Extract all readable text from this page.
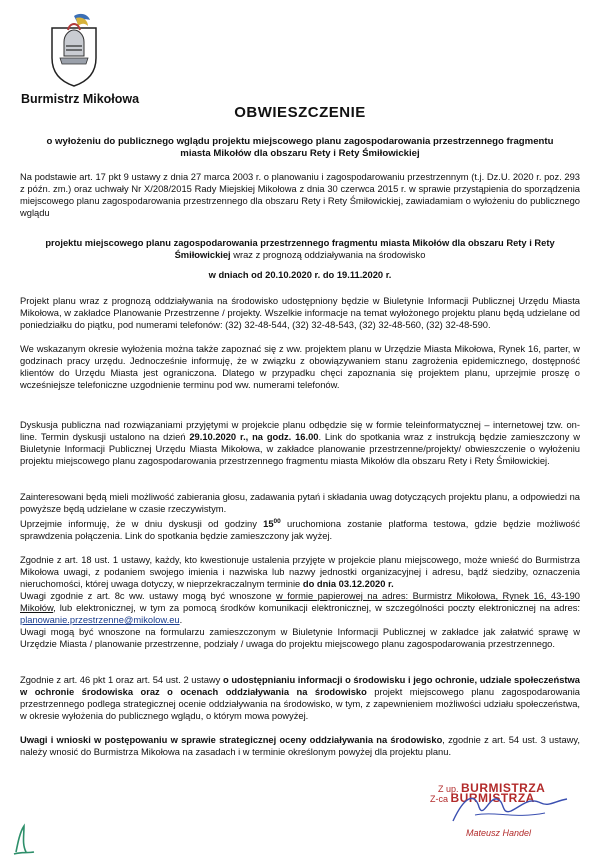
Burmistrz Mikołowa
OBWIESZCZENIE
o wyłożeniu do publicznego wglądu projektu miejscowego planu zagospodarowania przestrzennego fragmentu miasta Mikołów dla obszaru Rety i Rety Śmiłowickiej
Na podstawie art. 17 pkt 9 ustawy z dnia 27 marca 2003 r. o planowaniu i zagospodarowaniu przestrzennym (t.j. Dz.U. 2020 r. poz. 293 z późn. zm.) oraz uchwały Nr X/208/2015 Rady Miejskiej Mikołowa z dnia 30 czerwca 2015 r. w sprawie przystąpienia do sporządzenia miejscowego planu zagospodarowania przestrzennego dla obszaru Rety i Rety Śmiłowickiej, zawiadamiam o wyłożeniu do publicznego wglądu
projektu miejscowego planu zagospodarowania przestrzennego fragmentu miasta Mikołów dla obszaru Rety i Rety Śmiłowickiej wraz z prognozą oddziaływania na środowisko
w dniach od 20.10.2020 r. do 19.11.2020 r.
Projekt planu wraz z prognozą oddziaływania na środowisko udostępniony będzie w Biuletynie Informacji Publicznej Urzędu Miasta Mikołowa, w zakładce Planowanie Przestrzenne / projekty. Wszelkie informacje na temat wyłożonego projektu planu będą udzielane od poniedziałku do piątku, pod numerami telefonów: (32) 32-48-544, (32) 32-48-543, (32) 32-48-560, (32) 32-48-590.
We wskazanym okresie wyłożenia można także zapoznać się z ww. projektem planu w Urzędzie Miasta Mikołowa, Rynek 16, parter, w godzinach pracy urzędu. Jednocześnie informuję, że w związku z obowiązywaniem stanu zagrożenia epidemicznego, dostępność klientów do Urzędu Miasta jest ograniczona. Dlatego w przypadku chęci zapoznania się projektem planu, uprzejmie proszę o wcześniejsze telefoniczne uzgodnienie terminu pod ww. numerami telefonów.
Dyskusja publiczna nad rozwiązaniami przyjętymi w projekcie planu odbędzie się w formie teleinformatycznej – internetowej tzw. on- line. Termin dyskusji ustalono na dzień 29.10.2020 r., na godz. 16.00. Link do spotkania wraz z instrukcją będzie zamieszczony w Biuletynie Informacji Publicznej Urzędu Miasta Mikołowa, w zakładce planowanie przestrzenne/projekty/ obwieszczenie o wyłożeniu projektu miejscowego planu zagospodarowania przestrzennego fragmentu miasta Mikołów dla obszaru Rety i Rety Śmiłowickiej.
Zainteresowani będą mieli możliwość zabierania głosu, zadawania pytań i składania uwag dotyczących projektu planu, a odpowiedzi na powyższe będą udzielane w czasie rzeczywistym.
Uprzejmie informuję, że w dniu dyskusji od godziny $15^{00}$ uruchomiona zostanie platforma testowa, gdzie będzie możliwość sprawdzenia połączenia. Link do spotkania będzie zamieszczony jak wyżej.
Zgodnie z art. 18 ust. 1 ustawy, każdy, kto kwestionuje ustalenia przyjęte w projekcie planu miejscowego, może wnieść do Burmistrza Mikołowa uwagi, z podaniem swojego imienia i nazwiska lub nazwy jednostki organizacyjnej i adresu, bądź siedziby, oznaczenia nieruchomości, której uwaga dotyczy, w nieprzekraczalnym terminie do dnia 03.12.2020 r.
Uwagi zgodnie z art. 8c ww. ustawy mogą być wnoszone w formie papierowej na adres: Burmistrz Mikołowa, Rynek 16, 43-190 Mikołów, lub elektronicznej, w tym za pomocą środków komunikacji elektronicznej, w szczególności poczty elektronicznej na adres: planowanie.przestrzenne@mikolow.eu.
Uwagi mogą być wnoszone na formularzu zamieszczonym w Biuletynie Informacji Publicznej w zakładce jak załatwić sprawę w Urzędzie Miasta / planowanie przestrzenne, podziały / uwaga do projektu miejscowego planu zagospodarowania przestrzennego.
Zgodnie z art. 46 pkt 1 oraz art. 54 ust. 2 ustawy o udostępnianiu informacji o środowisku i jego ochronie, udziale społeczeństwa w ochronie środowiska oraz o ocenach oddziaływania na środowisko projekt miejscowego planu zagospodarowania przestrzennego podlega strategicznej ocenie oddziaływania na środowisko, w tym, z zapewnieniem możliwości udziału społeczeństwa, w okresie wyłożenia do publicznego wglądu, o którym mowa powyżej.
Uwagi i wnioski w postępowaniu w sprawie strategicznej oceny oddziaływania na środowisko, zgodnie z art. 54 ust. 3 ustawy, należy wnosić do Burmistrza Mikołowa na zasadach i w terminie określonym powyżej dla projektu planu.
Z up. BURMISTRZA
Z-ca BURMISTRZA
Mateusz Handel
